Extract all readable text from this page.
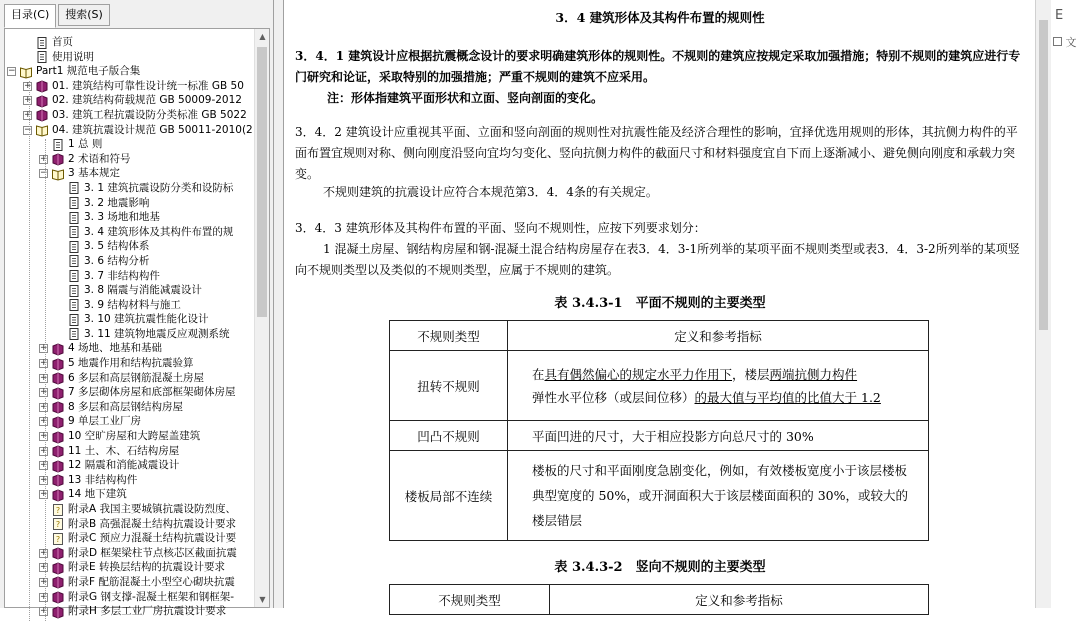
目录(C)	搜索(S)
首页
使用说明
− Part1 规范电子版合集
+ 01. 建筑结构可靠性设计统一标准 GB 50
+ 02. 建筑结构荷载规范 GB 50009-2012
+ 03. 建筑工程抗震设防分类标准 GB 5022
− 04. 建筑抗震设计规范 GB 50011-2010(2
1 总 则
+ 2 术语和符号
− 3 基本规定
3. 1 建筑抗震设防分类和设防标
3. 2 地震影响
3. 3 场地和地基
3. 4 建筑形体及其构件布置的规
3. 5 结构体系
3. 6 结构分析
3. 7 非结构构件
3. 8 隔震与消能减震设计
3. 9 结构材料与施工
3. 10 建筑抗震性能化设计
3. 11 建筑物地震反应观测系统
+ 4 场地、地基和基础
+ 5 地震作用和结构抗震验算
+ 6 多层和高层钢筋混凝土房屋
+ 7 多层砌体房屋和底部框架砌体房屋
+ 8 多层和高层钢结构房屋
+ 9 单层工业厂房
+ 10 空旷房屋和大跨屋盖建筑
+ 11 土、木、石结构房屋
+ 12 隔震和消能减震设计
+ 13 非结构构件
+ 14 地下建筑
? 附录A 我国主要城镇抗震设防烈度、
? 附录B 高强混凝土结构抗震设计要求
? 附录C 预应力混凝土结构抗震设计要
+ 附录D 框架梁柱节点核芯区截面抗震
+ 附录E 转换层结构的抗震设计要求
+ 附录F 配筋混凝土小型空心砌块抗震
+ 附录G 钢支撑-混凝土框架和钢框架-
+ 附录H 多层工业厂房抗震设计要求
▲
▼
3．4 建筑形体及其构件布置的规则性

3．4．1 建筑设计应根据抗震概念设计的要求明确建筑形体的规则性。不规则的建筑应按规定采取加强措施；特别不规则的建筑应进行专门研究和论证，采取特别的加强措施；严重不规则的建筑不应采用。

注：形体指建筑平面形状和立面、竖向剖面的变化。

3．4．2 建筑设计应重视其平面、立面和竖向剖面的规则性对抗震性能及经济合理性的影响，宜择优选用规则的形体，其抗侧力构件的平面布置宜规则对称、侧向刚度沿竖向宜均匀变化、竖向抗侧力构件的截面尺寸和材料强度宜自下而上逐渐减小、避免侧向刚度和承载力突变。

不规则建筑的抗震设计应符合本规范第3．4．4条的有关规定。

3．4．3 建筑形体及其构件布置的平面、竖向不规则性，应按下列要求划分：

1 混凝土房屋、钢结构房屋和钢-混凝土混合结构房屋存在表3．4．3-1所列举的某项平面不规则类型或表3．4．3-2所列举的某项竖向不规则类型以及类似的不规则类型，应属于不规则的建筑。

表 3.4.3-1　平面不规则的主要类型
不规则类型	定义和参考指标
扭转不规则	在具有偶然偏心的规定水平力作用下，楼层两端抗侧力构件
弹性水平位移（或层间位移）的最大值与平均值的比值大于 1.2
凹凸不规则	平面凹进的尺寸，大于相应投影方向总尺寸的 30%
楼板局部不连续	楼板的尺寸和平面刚度急剧变化，例如，有效楼板宽度小于该层楼板典型宽度的 50%，或开洞面积大于该层楼面面积的 30%，或较大的楼层错层
表 3.4.3-2　竖向不规则的主要类型
不规则类型	定义和参考指标
E
文
